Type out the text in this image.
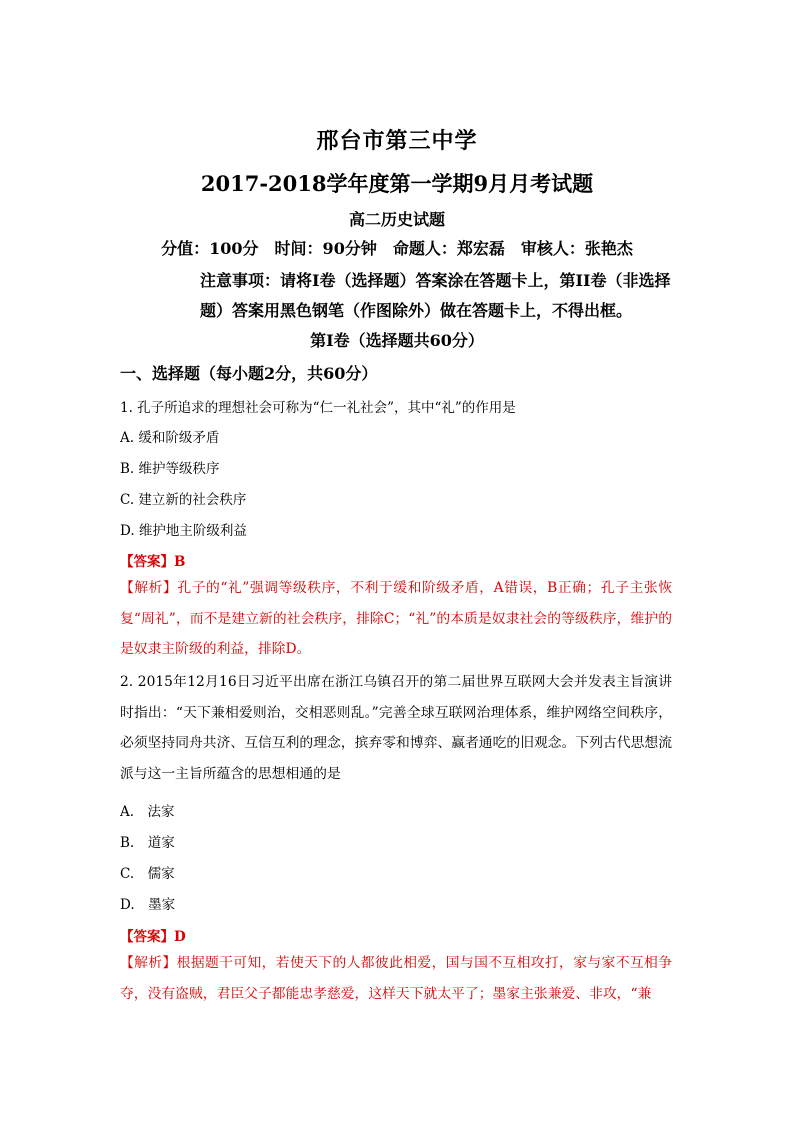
邢台市第三中学
2017-2018学年度第一学期9月月考试题
高二历史试题
分值：100分　时间：90分钟　命题人：郑宏磊　审核人：张艳杰
注意事项：请将Ⅰ卷（选择题）答案涂在答题卡上，第II卷（非选择题）答案用黑色钢笔（作图除外）做在答题卡上，不得出框。
第Ⅰ卷（选择题共60分）
一、选择题（每小题2分，共60分）
1. 孔子所追求的理想社会可称为“仁一礼社会”，其中“礼”的作用是
A. 缓和阶级矛盾
B. 维护等级秩序
C. 建立新的社会秩序
D. 维护地主阶级利益
【答案】B
【解析】孔子的“礼”强调等级秩序，不利于缓和阶级矛盾，A错误，B正确；孔子主张恢复“周礼”，而不是建立新的社会秩序，排除C；“礼”的本质是奴隶社会的等级秩序，维护的是奴隶主阶级的利益，排除D。
2. 2015年12月16日习近平出席在浙江乌镇召开的第二届世界互联网大会并发表主旨演讲时指出：“天下兼相爱则治，交相恶则乱。”完善全球互联网治理体系，维护网络空间秩序，必须坚持同舟共济、互信互利的理念，摈弃零和博弈、赢者通吃的旧观念。下列古代思想流派与这一主旨所蕴含的思想相通的是
A.　法家
B.　道家
C.　儒家
D.　墨家
【答案】D
【解析】根据题干可知，若使天下的人都彼此相爱，国与国不互相攻打，家与家不互相争夺，没有盗贼，君臣父子都能忠孝慈爱，这样天下就太平了；墨家主张兼爱、非攻，“兼
